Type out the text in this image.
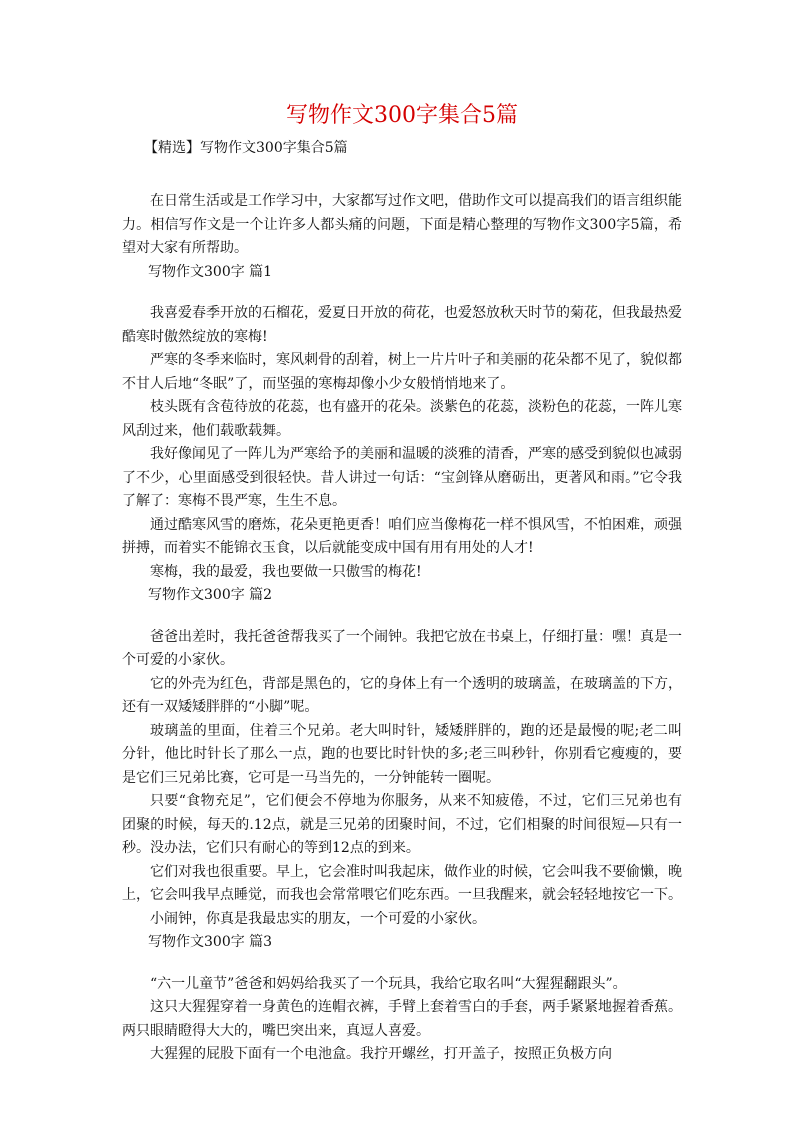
写物作文300字集合5篇
【精选】写物作文300字集合5篇

在日常生活或是工作学习中，大家都写过作文吧，借助作文可以提高我们的语言组织能力。相信写作文是一个让许多人都头痛的问题，下面是精心整理的写物作文300字5篇，希望对大家有所帮助。

写物作文300字 篇1

我喜爱春季开放的石榴花，爱夏日开放的荷花，也爱怒放秋天时节的菊花，但我最热爱酷寒时傲然绽放的寒梅!

严寒的冬季来临时，寒风刺骨的刮着，树上一片片叶子和美丽的花朵都不见了，貌似都不甘人后地“冬眠”了，而坚强的寒梅却像小少女般悄悄地来了。

枝头既有含苞待放的花蕊，也有盛开的花朵。淡紫色的花蕊，淡粉色的花蕊，一阵儿寒风刮过来，他们载歌载舞。

我好像闻见了一阵儿为严寒给予的美丽和温暖的淡雅的清香，严寒的感受到貌似也减弱了不少，心里面感受到很轻快。昔人讲过一句话：“宝剑锋从磨砺出，更著风和雨。”它令我了解了：寒梅不畏严寒，生生不息。

通过酷寒风雪的磨炼，花朵更艳更香！咱们应当像梅花一样不惧风雪，不怕困难，顽强拼搏，而着实不能锦衣玉食，以后就能变成中国有用有用处的人才!

寒梅，我的最爱，我也要做一只傲雪的梅花!

写物作文300字 篇2

爸爸出差时，我托爸爸帮我买了一个闹钟。我把它放在书桌上，仔细打量：嘿！真是一个可爱的小家伙。

它的外壳为红色，背部是黑色的，它的身体上有一个透明的玻璃盖，在玻璃盖的下方，还有一双矮矮胖胖的“小脚”呢。

玻璃盖的里面，住着三个兄弟。老大叫时针，矮矮胖胖的，跑的还是最慢的呢;老二叫分针，他比时针长了那么一点，跑的也要比时针快的多;老三叫秒针，你别看它瘦瘦的，要是它们三兄弟比赛，它可是一马当先的，一分钟能转一圈呢。

只要“食物充足”，它们便会不停地为你服务，从来不知疲倦，不过，它们三兄弟也有团聚的时候，每天的.12点，就是三兄弟的团聚时间，不过，它们相聚的时间很短—只有一秒。没办法，它们只有耐心的等到12点的到来。

它们对我也很重要。早上，它会准时叫我起床，做作业的时候，它会叫我不要偷懒，晚上，它会叫我早点睡觉，而我也会常常喂它们吃东西。一旦我醒来，就会轻轻地按它一下。

小闹钟，你真是我最忠实的朋友，一个可爱的小家伙。

写物作文300字 篇3

“六一儿童节”爸爸和妈妈给我买了一个玩具，我给它取名叫“大猩猩翻跟头”。

这只大猩猩穿着一身黄色的连帽衣裤，手臂上套着雪白的手套，两手紧紧地握着香蕉。两只眼睛瞪得大大的，嘴巴突出来，真逗人喜爱。

大猩猩的屁股下面有一个电池盒。我拧开螺丝，打开盖子，按照正负极方向
